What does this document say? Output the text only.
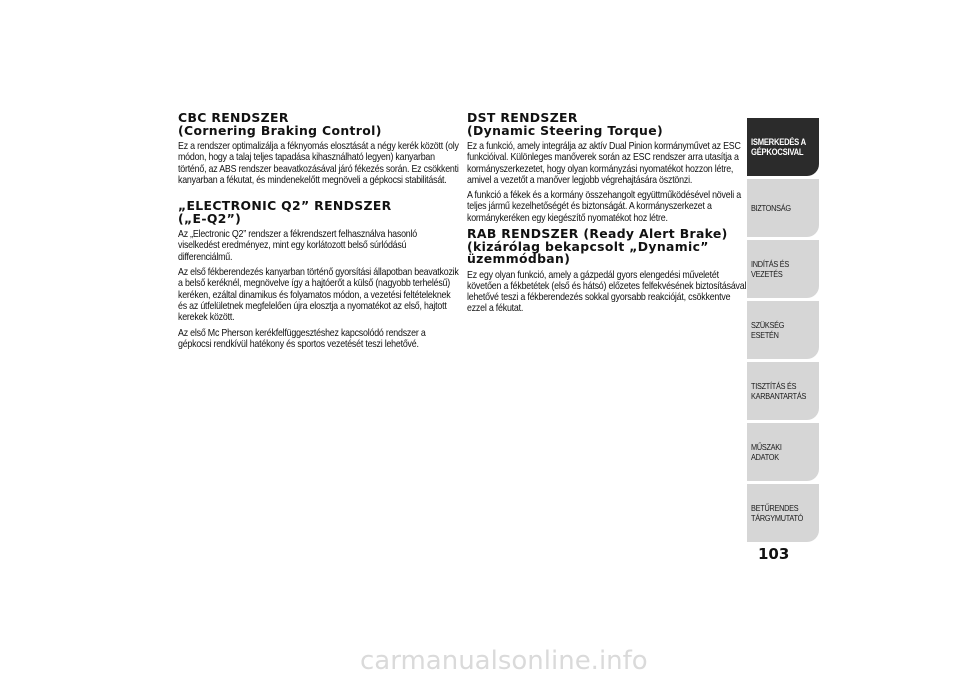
CBC RENDSZER
(Cornering Braking Control)

Ez a rendszer optimalizálja a féknyomás elosztását a négy kerék között (oly módon, hogy a talaj teljes tapadása kihasználható legyen) kanyarban történő, az ABS rendszer beavatkozásával járó fékezés során. Ez csökkenti kanyarban a fékutat, és mindenekelőtt megnöveli a gépkocsi stabilitását.

„ELECTRONIC Q2” RENDSZER
(„E-Q2”)

Az „Electronic Q2” rendszer a fékrendszert felhasználva hasonló viselkedést eredményez, mint egy korlátozott belső súrlódású differenciálmű.

Az első fékberendezés kanyarban történő gyorsítási állapotban beavatkozik a belső keréknél, megnövelve így a hajtóerőt a külső (nagyobb terhelésű) keréken, ezáltal dinamikus és folyamatos módon, a vezetési feltételeknek és az útfelületnek megfelelően újra elosztja a nyomatékot az első, hajtott kerekek között.

Az első Mc Pherson kerékfelfüggesztéshez kapcsolódó rendszer a gépkocsi rendkívül hatékony és sportos vezetését teszi lehetővé.

DST RENDSZER
(Dynamic Steering Torque)

Ez a funkció, amely integrálja az aktív Dual Pinion kormányművet az ESC funkcióival. Különleges manőverek során az ESC rendszer arra utasítja a kormányszerkezetet, hogy olyan kormányzási nyomatékot hozzon létre, amivel a vezetőt a manőver legjobb végrehajtására ösztönzi.

A funkció a fékek és a kormány összehangolt együttműködésével növeli a teljes jármű kezelhetőségét és biztonságát. A kormányszerkezet a kormánykeréken egy kiegészítő nyomatékot hoz létre.

RAB RENDSZER (Ready Alert Brake)
(kizárólag bekapcsolt „Dynamic”
üzemmódban)

Ez egy olyan funkció, amely a gázpedál gyors elengedési műveletét követően a fékbetétek (első és hátsó) előzetes felfekvésének biztosításával lehetővé teszi a fékberendezés sokkal gyorsabb reakcióját, csökkentve ezzel a fékutat.

ISMERKEDÉS A
GÉPKOCSIVAL
BIZTONSÁG
INDÍTÁS ÉS VEZETÉS
SZÜKSÉG ESETÉN
TISZTÍTÁS ÉS
KARBANTARTÁS
MŰSZAKI ADATOK
BETŰRENDES
TÁRGYMUTATÓ
103
carmanualsonline.info
